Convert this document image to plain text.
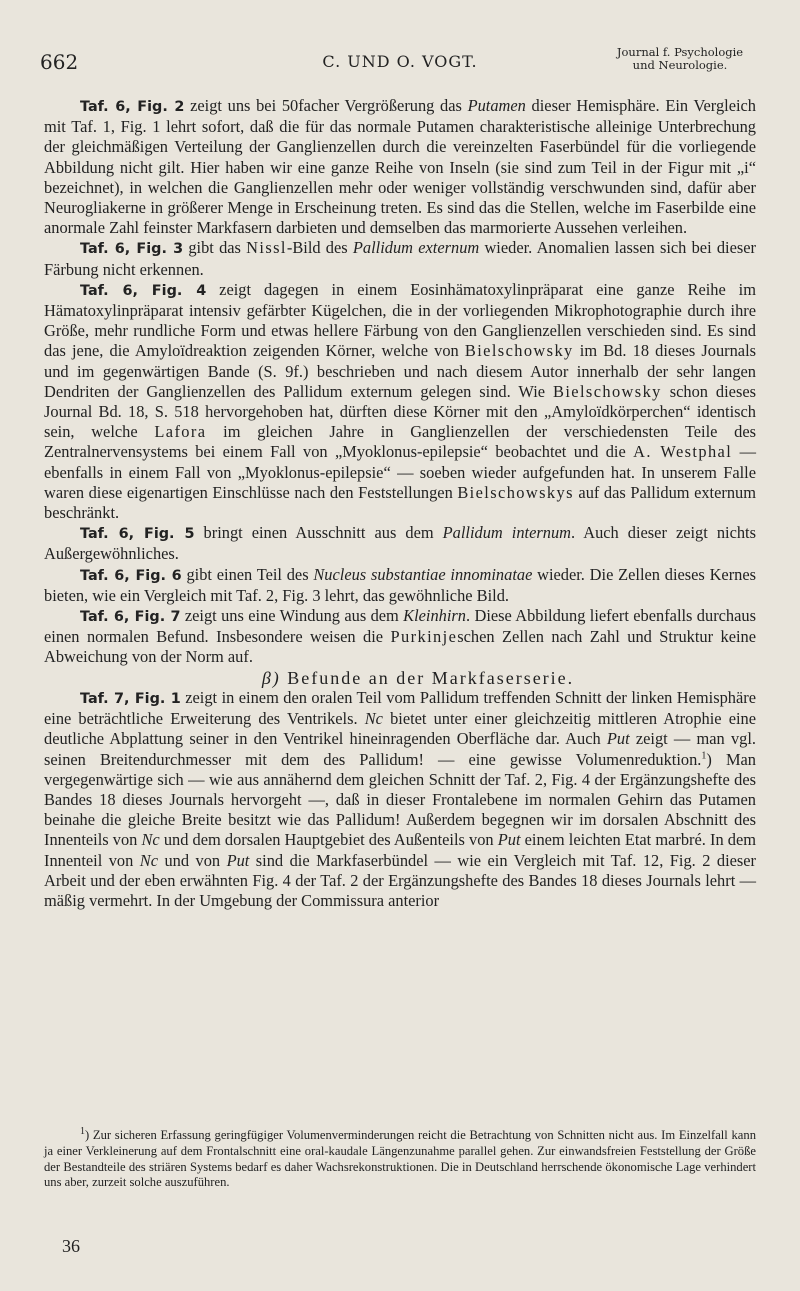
662	C. UND O. VOGT.	Journal f. Psychologie
und Neurologie.

Taf. 6, Fig. 2 zeigt uns bei 50facher Vergrößerung das Putamen dieser Hemisphäre. Ein Vergleich mit Taf. 1, Fig. 1 lehrt sofort, daß die für das normale Putamen charakteristische alleinige Unterbrechung der gleichmäßigen Verteilung der Ganglienzellen durch die vereinzelten Faserbündel für die vorliegende Abbildung nicht gilt. Hier haben wir eine ganze Reihe von Inseln (sie sind zum Teil in der Figur mit „i“ bezeichnet), in welchen die Ganglienzellen mehr oder weniger vollständig verschwunden sind, dafür aber Neurogliakerne in größerer Menge in Erscheinung treten. Es sind das die Stellen, welche im Faserbilde eine anormale Zahl feinster Markfasern darbieten und demselben das marmorierte Aussehen verleihen.

Taf. 6, Fig. 3 gibt das Nissl-Bild des Pallidum externum wieder. Anomalien lassen sich bei dieser Färbung nicht erkennen.

Taf. 6, Fig. 4 zeigt dagegen in einem Eosinhämatoxylinpräparat eine ganze Reihe im Hämatoxylinpräparat intensiv gefärbter Kügelchen, die in der vorliegenden Mikrophotographie durch ihre Größe, mehr rundliche Form und etwas hellere Färbung von den Ganglienzellen verschieden sind. Es sind das jene, die Amyloïdreaktion zeigenden Körner, welche von Bielschowsky im Bd. 18 dieses Journals und im gegenwärtigen Bande (S. 9f.) beschrieben und nach diesem Autor innerhalb der sehr langen Dendriten der Ganglienzellen des Pallidum externum gelegen sind. Wie Bielschowsky schon dieses Journal Bd. 18, S. 518 hervorgehoben hat, dürften diese Körner mit den „Amyloïdkörperchen“ identisch sein, welche Lafora im gleichen Jahre in Ganglienzellen der verschiedensten Teile des Zentralnervensystems bei einem Fall von „Myoklonus-epilepsie“ beobachtet und die A. Westphal — ebenfalls in einem Fall von „Myoklonus-epilepsie“ — soeben wieder aufgefunden hat. In unserem Falle waren diese eigenartigen Einschlüsse nach den Feststellungen Bielschowskys auf das Pallidum externum beschränkt.

Taf. 6, Fig. 5 bringt einen Ausschnitt aus dem Pallidum internum. Auch dieser zeigt nichts Außergewöhnliches.

Taf. 6, Fig. 6 gibt einen Teil des Nucleus substantiae innominatae wieder. Die Zellen dieses Kernes bieten, wie ein Vergleich mit Taf. 2, Fig. 3 lehrt, das gewöhnliche Bild.

Taf. 6, Fig. 7 zeigt uns eine Windung aus dem Kleinhirn. Diese Abbildung liefert ebenfalls durchaus einen normalen Befund. Insbesondere weisen die Purkinjeschen Zellen nach Zahl und Struktur keine Abweichung von der Norm auf.

β) Befunde an der Markfaserserie.

Taf. 7, Fig. 1 zeigt in einem den oralen Teil vom Pallidum treffenden Schnitt der linken Hemisphäre eine beträchtliche Erweiterung des Ventrikels. Nc bietet unter einer gleichzeitig mittleren Atrophie eine deutliche Abplattung seiner in den Ventrikel hineinragenden Oberfläche dar. Auch Put zeigt — man vgl. seinen Breitendurchmesser mit dem des Pallidum! — eine gewisse Volumenreduktion.$^1$) Man vergegenwärtige sich — wie aus annähernd dem gleichen Schnitt der Taf. 2, Fig. 4 der Ergänzungshefte des Bandes 18 dieses Journals hervorgeht —, daß in dieser Frontalebene im normalen Gehirn das Putamen beinahe die gleiche Breite besitzt wie das Pallidum! Außerdem begegnen wir im dorsalen Abschnitt des Innenteils von Nc und dem dorsalen Hauptgebiet des Außenteils von Put einem leichten Etat marbré. In dem Innenteil von Nc und von Put sind die Markfaserbündel — wie ein Vergleich mit Taf. 12, Fig. 2 dieser Arbeit und der eben erwähnten Fig. 4 der Taf. 2 der Ergänzungshefte des Bandes 18 dieses Journals lehrt — mäßig vermehrt. In der Umgebung der Commissura anterior

$^1$) Zur sicheren Erfassung geringfügiger Volumenverminderungen reicht die Betrachtung von Schnitten nicht aus. Im Einzelfall kann ja einer Verkleinerung auf dem Frontalschnitt eine oral-kaudale Längenzunahme parallel gehen. Zur einwandsfreien Feststellung der Größe der Bestandteile des striären Systems bedarf es daher Wachsrekonstruktionen. Die in Deutschland herrschende ökonomische Lage verhindert uns aber, zurzeit solche auszuführen.

36
